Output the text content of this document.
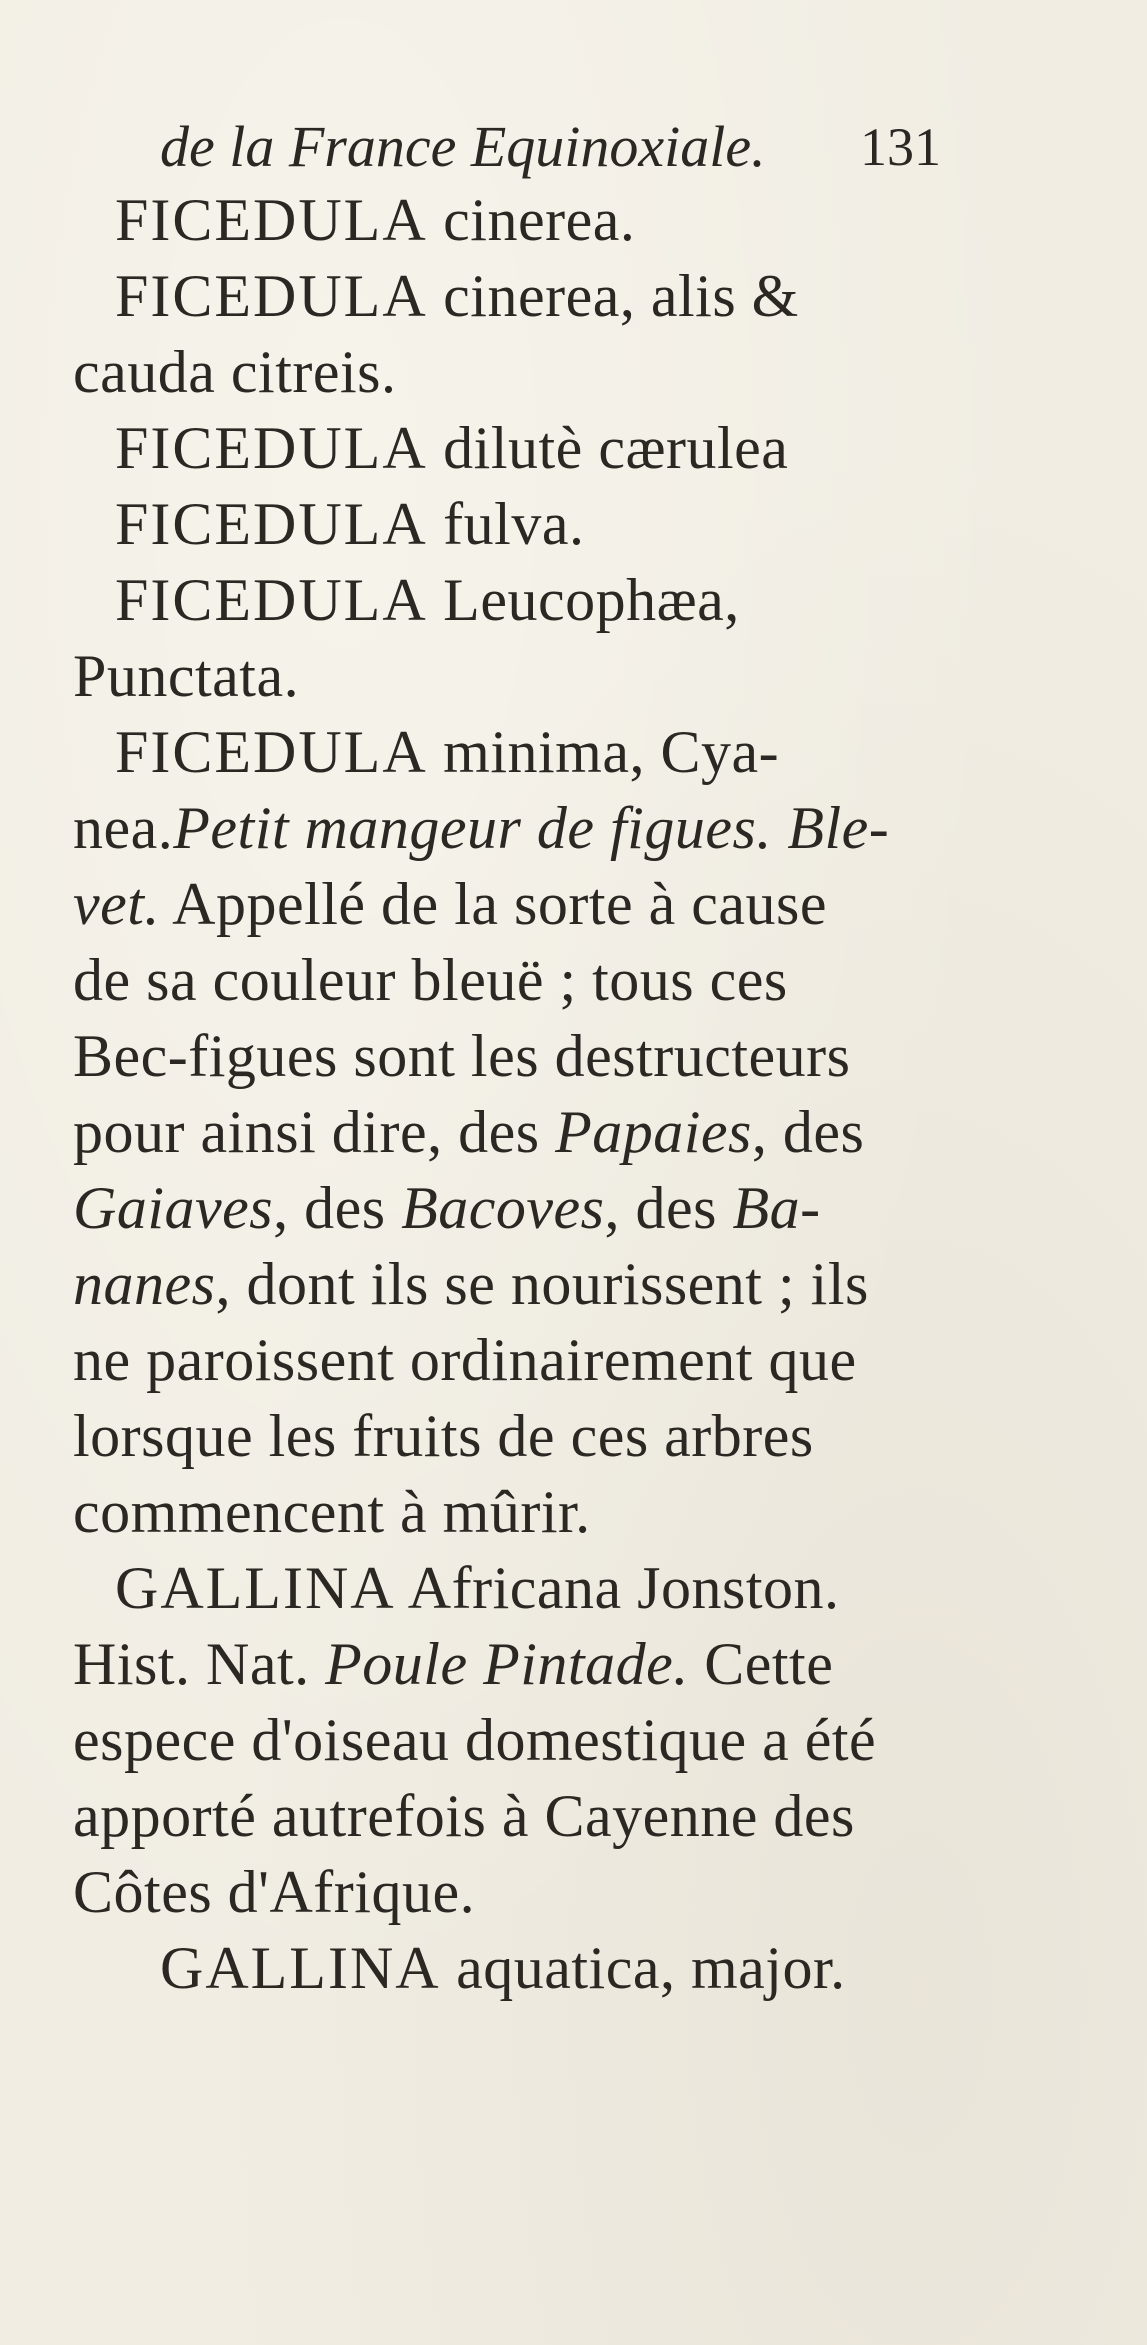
de la France Equinoxiale. 131
FICEDULA cinerea.
FICEDULA cinerea, alis &
cauda citreis.
FICEDULA dilutè cærulea
FICEDULA fulva.
FICEDULA Leucophæa,
Punctata.
FICEDULA minima, Cya-
nea.Petit mangeur de figues. Ble-
vet. Appellé de la sorte à cause
de sa couleur bleuë ; tous ces
Bec-figues sont les destructeurs
pour ainsi dire, des Papaies, des
Gaiaves, des Bacoves, des Ba-
nanes, dont ils se nourissent ; ils
ne paroissent ordinairement que
lorsque les fruits de ces arbres
commencent à mûrir.
GALLINA Africana Jonston.
Hist. Nat. Poule Pintade. Cette
espece d'oiseau domestique a été
apporté autrefois à Cayenne des
Côtes d'Afrique.
GALLINA aquatica, major.
